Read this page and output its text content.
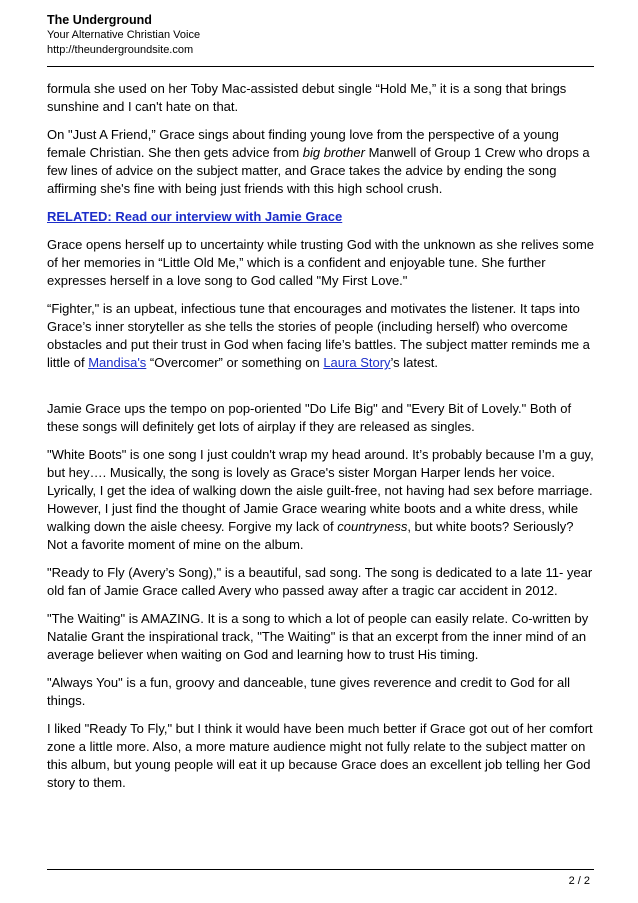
The Underground
Your Alternative Christian Voice
http://theundergroundsite.com

formula she used on her Toby Mac-assisted debut single “Hold Me,” it is a song that brings sunshine and I can't hate on that.

On "Just A Friend,” Grace sings about finding young love from the perspective of a young female Christian. She then gets advice from big brother Manwell of Group 1 Crew who drops a few lines of advice on the subject matter, and Grace takes the advice by ending the song affirming she's fine with being just friends with this high school crush.

RELATED: Read our interview with Jamie Grace

Grace opens herself up to uncertainty while trusting God with the unknown as she relives some of her memories in “Little Old Me,” which is a confident and enjoyable tune. She further expresses herself in a love song to God called "My First Love."

“Fighter," is an upbeat, infectious tune that encourages and motivates the listener. It taps into Grace’s inner storyteller as she tells the stories of people (including herself) who overcome obstacles and put their trust in God when facing life’s battles. The subject matter reminds me a little of Mandisa's “Overcomer” or something on Laura Story’s latest.

Jamie Grace ups the tempo on pop-oriented "Do Life Big" and "Every Bit of Lovely." Both of these songs will definitely get lots of airplay if they are released as singles.

"White Boots" is one song I just couldn't wrap my head around. It’s probably because I’m a guy, but hey…. Musically, the song is lovely as Grace's sister Morgan Harper lends her voice. Lyrically, I get the idea of walking down the aisle guilt-free, not having had sex before marriage. However, I just find the thought of Jamie Grace wearing white boots and a white dress, while walking down the aisle cheesy. Forgive my lack of countryness, but white boots? Seriously? Not a favorite moment of mine on the album.

"Ready to Fly (Avery’s Song)," is a beautiful, sad song. The song is dedicated to a late 11- year old fan of Jamie Grace called Avery who passed away after a tragic car accident in 2012.

"The Waiting" is AMAZING. It is a song to which a lot of people can easily relate. Co-written by Natalie Grant the inspirational track, "The Waiting" is that an excerpt from the inner mind of an average believer when waiting on God and learning how to trust His timing.

"Always You" is a fun, groovy and danceable, tune gives reverence and credit to God for all things.

I liked "Ready To Fly," but I think it would have been much better if Grace got out of her comfort zone a little more. Also, a more mature audience might not fully relate to the subject matter on this album, but young people will eat it up because Grace does an excellent job telling her God story to them.

2 / 2
